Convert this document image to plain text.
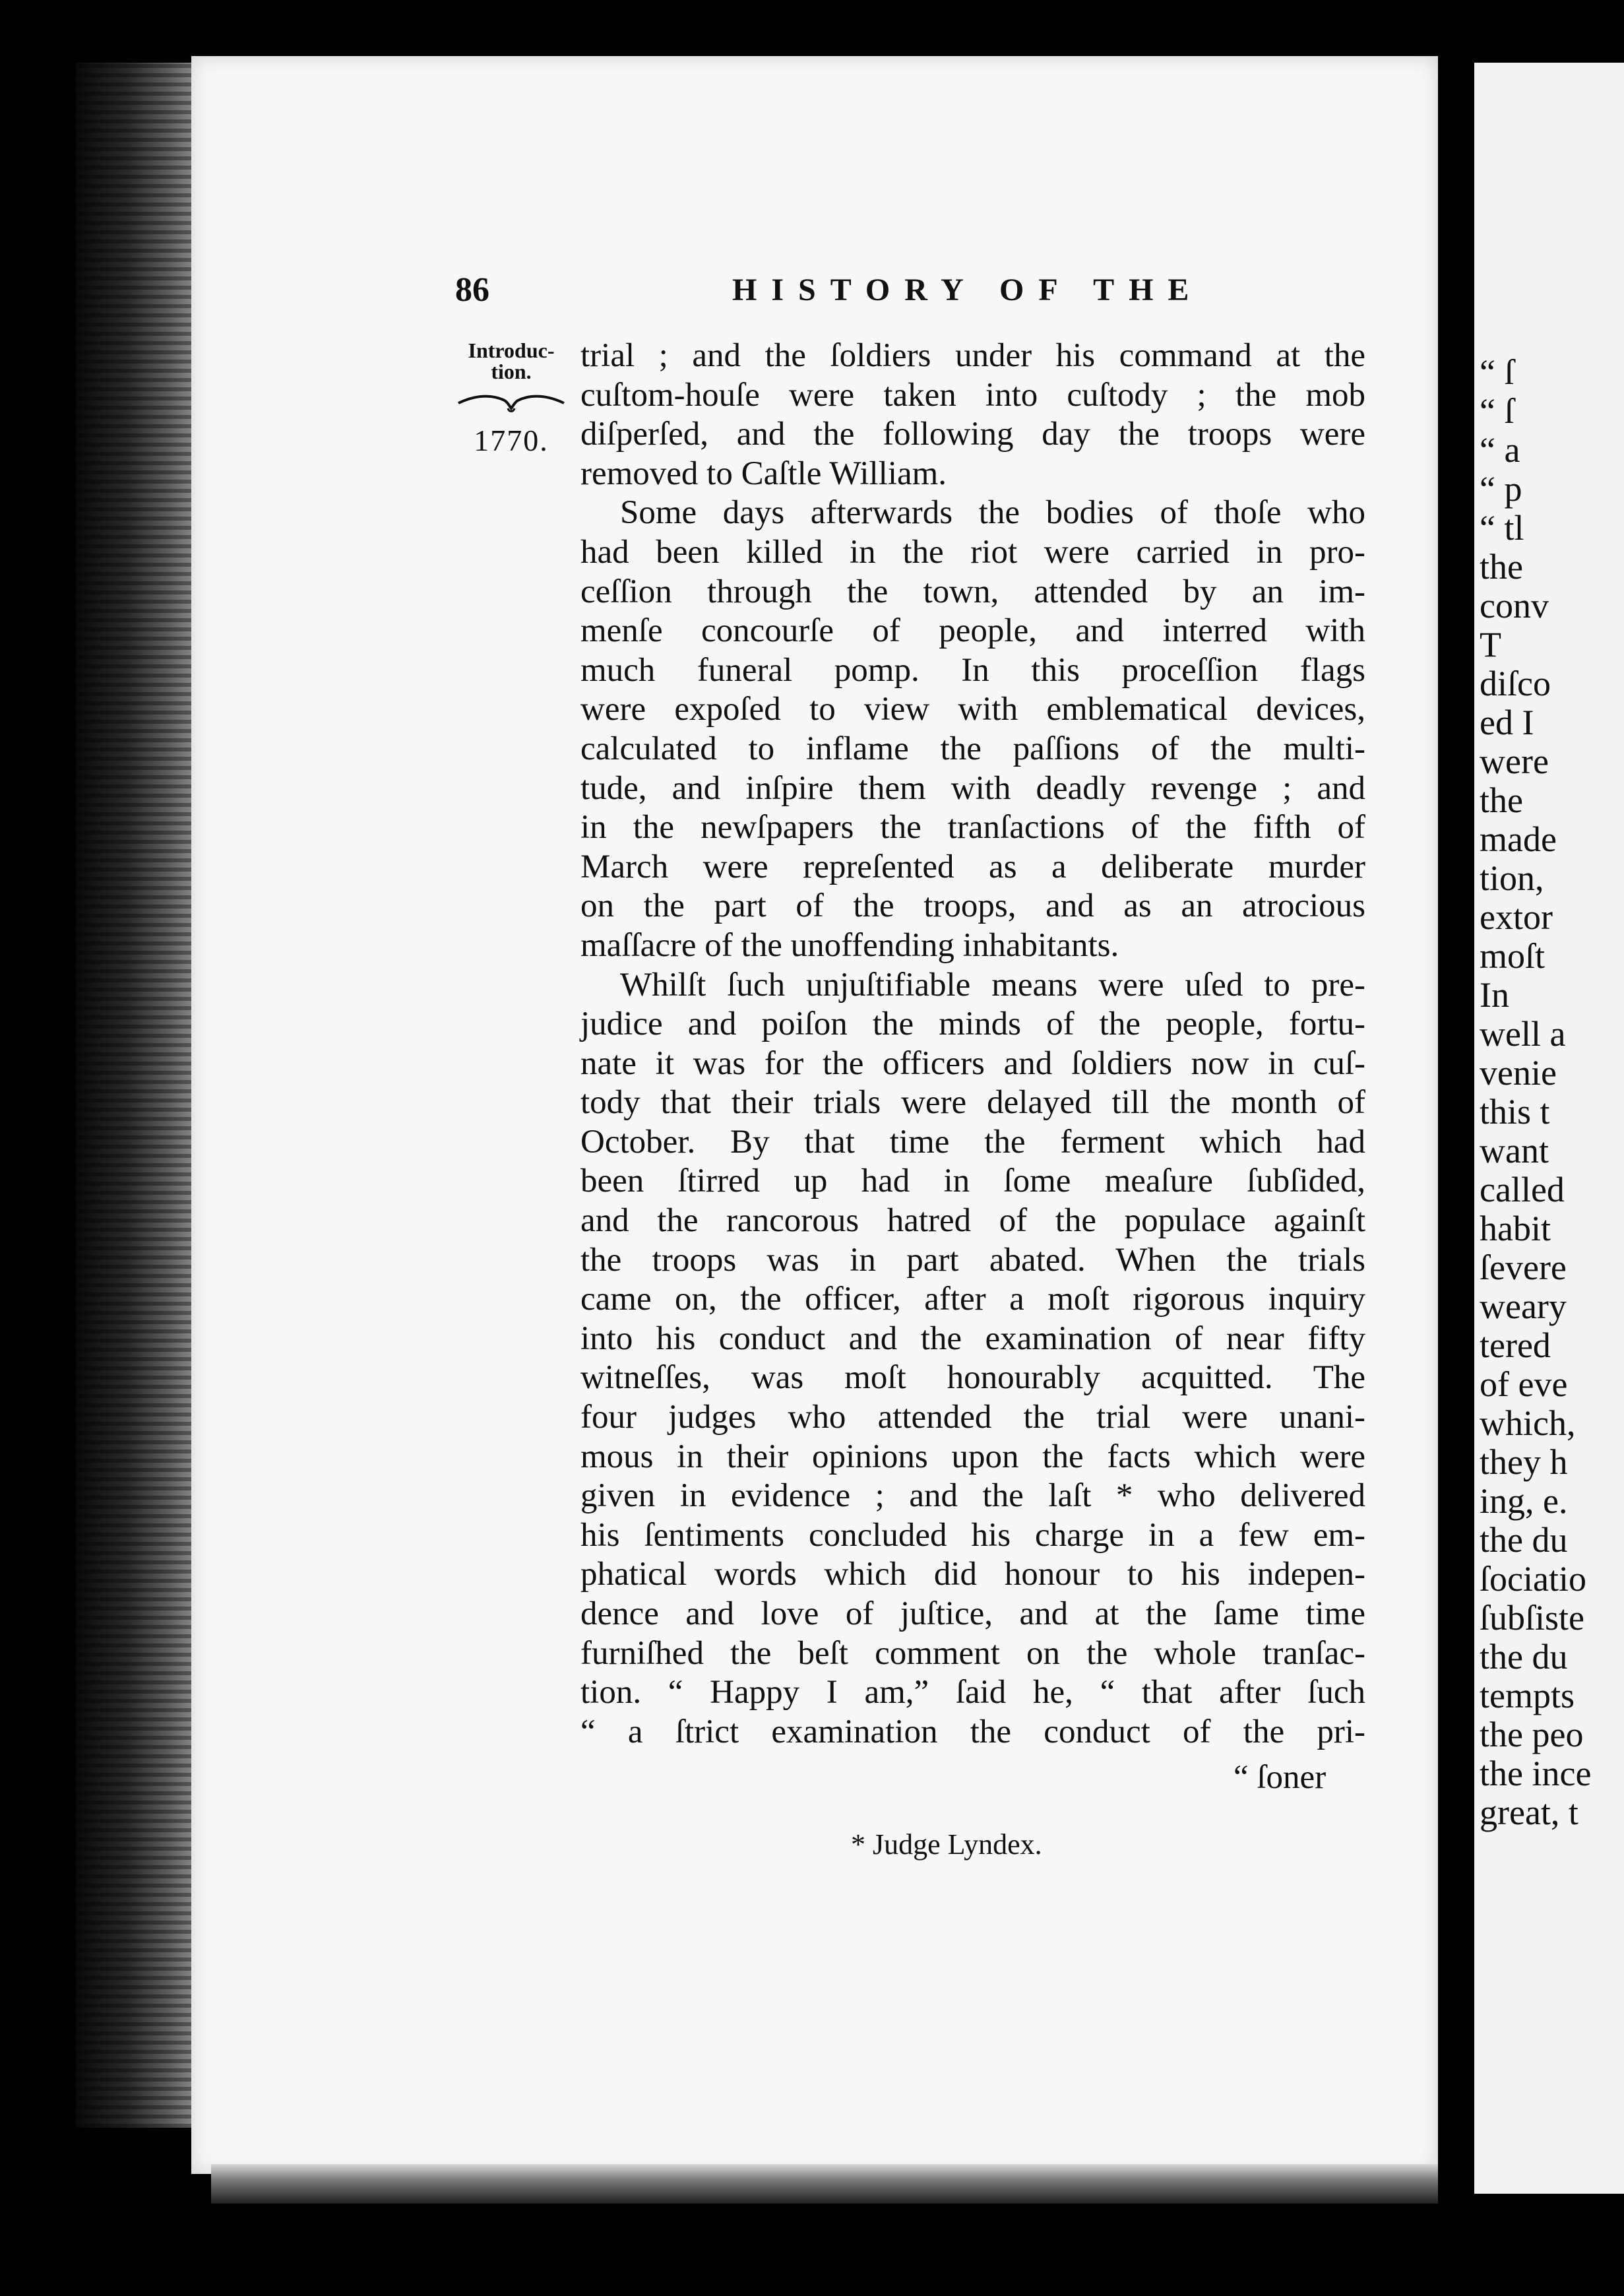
“ ſ
“ ſ
“ a
“ p
“ tl
the
conv
T
diſco
ed I
were
the
made
tion,
extor
moſt
In
well a
venie
this t
want
called
habit
ſevere
weary
tered
of eve
which,
they h
ing, e.
the du
ſociatio
ſubſiste
the du
tempts
the peo
the ince
great, t
86	HISTORY OF THE
Introduc-tion.
1770.
trial ; and the ſoldiers under his command at the
cuſtom-houſe were taken into cuſtody ; the mob
diſperſed, and the following day the troops were
removed to Caſtle William.
Some days afterwards the bodies of thoſe who
had been killed in the riot were carried in pro-
ceſſion through the town, attended by an im-
menſe concourſe of people, and interred with
much funeral pomp. In this proceſſion flags
were expoſed to view with emblematical devices,
calculated to inflame the paſſions of the multi-
tude, and inſpire them with deadly revenge ; and
in the newſpapers the tranſactions of the fifth of
March were repreſented as a deliberate murder
on the part of the troops, and as an atrocious
maſſacre of the unoffending inhabitants.
Whilſt ſuch unjuſtifiable means were uſed to pre-
judice and poiſon the minds of the people, fortu-
nate it was for the officers and ſoldiers now in cuſ-
tody that their trials were delayed till the month of
October. By that time the ferment which had
been ſtirred up had in ſome meaſure ſubſided,
and the rancorous hatred of the populace againſt
the troops was in part abated. When the trials
came on, the officer, after a moſt rigorous inquiry
into his conduct and the examination of near fifty
witneſſes, was moſt honourably acquitted. The
four judges who attended the trial were unani-
mous in their opinions upon the facts which were
given in evidence ; and the laſt * who delivered
his ſentiments concluded his charge in a few em-
phatical words which did honour to his indepen-
dence and love of juſtice, and at the ſame time
furniſhed the beſt comment on the whole tranſac-
tion. “ Happy I am,” ſaid he, “ that after ſuch
“ a ſtrict examination the conduct of the pri-
“ ſoner
* Judge Lyndex.
